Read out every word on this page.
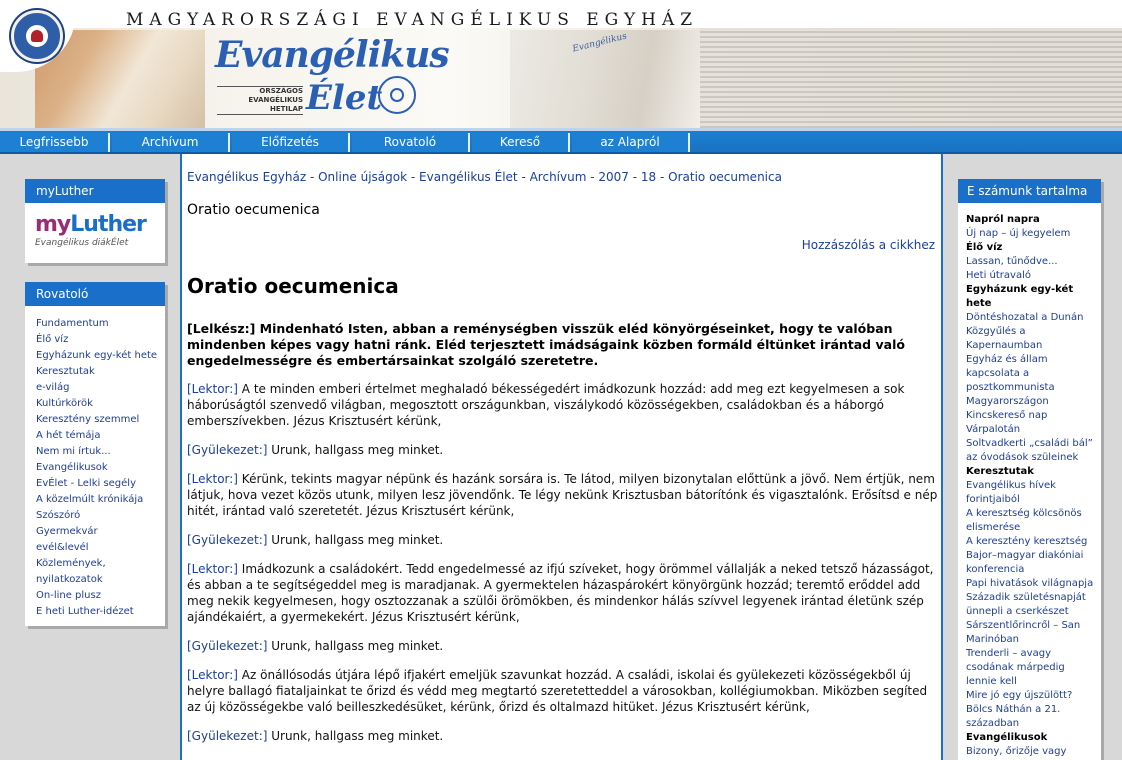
Evangélikus
MAGYARORSZÁGI EVANGÉLIKUS EGYHÁZ
Evangélikus
Élet
ORSZÁGOS
EVANGÉLIKUS
HETILAP
Legfrissebb	Archívum	Előfizetés	Rovatoló	Kereső	az Alapról
myLuther
myLuther
Evangélikus diákÉlet
Rovatoló
Fundamentum
Élő víz
Egyházunk egy-két hete
Keresztutak
e-világ
Kultúrkörök
Keresztény szemmel
A hét témája
Nem mi írtuk...
Evangélikusok
EvÉlet - Lelki segély
A közelmúlt krónikája
Szószóró
Gyermekvár
evél&levél
Közlemények, nyilatkozatok
On-line plusz
E heti Luther-idézet
Evangélikus Egyház - Online újságok - Evangélikus Élet - Archívum - 2007 - 18 - Oratio oecumenica
Oratio oecumenica
Hozzászólás a cikkhez
Oratio oecumenica
[Lelkész:] Mindenható Isten, abban a reménységben visszük eléd könyörgéseinket, hogy te valóban mindenben képes vagy hatni ránk. Eléd terjesztett imádságaink közben formáld éltünket irántad való engedelmességre és embertársainkat szolgáló szeretetre.

[Lektor:] A te minden emberi értelmet meghaladó békességedért imádkozunk hozzád: add meg ezt kegyelmesen a sok háborúságtól szenvedő világban, megosztott országunkban, viszálykodó közösségekben, családokban és a háborgó emberszívekben. Jézus Krisztusért kérünk,

[Gyülekezet:] Urunk, hallgass meg minket.

[Lektor:] Kérünk, tekints magyar népünk és hazánk sorsára is. Te látod, milyen bizonytalan előttünk a jövő. Nem értjük, nem látjuk, hova vezet közös utunk, milyen lesz jövendőnk. Te légy nekünk Krisztusban bátorítónk és vigasztalónk. Erősítsd e nép hitét, irántad való szeretetét. Jézus Krisztusért kérünk,

[Gyülekezet:] Urunk, hallgass meg minket.

[Lektor:] Imádkozunk a családokért. Tedd engedelmessé az ifjú szíveket, hogy örömmel vállalják a neked tetsző házasságot, és abban a te segítségeddel meg is maradjanak. A gyermektelen házaspárokért könyörgünk hozzád; teremtő erőddel add meg nekik kegyelmesen, hogy osztozzanak a szülői örömökben, és mindenkor hálás szívvel legyenek irántad életünk szép ajándékaiért, a gyermekekért. Jézus Krisztusért kérünk,

[Gyülekezet:] Urunk, hallgass meg minket.

[Lektor:] Az önállósodás útjára lépő ifjakért emeljük szavunkat hozzád. A családi, iskolai és gyülekezeti közösségekből új helyre ballagó fiataljainkat te őrizd és védd meg megtartó szeretetteddel a városokban, kollégiumokban. Miközben segíted az új közösségekbe való beilleszkedésüket, kérünk, őrizd és oltalmazd hitüket. Jézus Krisztusért kérünk,

[Gyülekezet:] Urunk, hallgass meg minket.

E számunk tartalma
Napról napra
Új nap – új kegyelem
Élő víz
Lassan, tűnődve...
Heti útravaló
Egyházunk egy-két hete
Döntéshozatal a Dunán
Közgyűlés a Kapernaumban
Egyház és állam kapcsolata a posztkommunista Magyarországon
Kincskereső nap Várpalotán
Soltvadkerti „családi bál” az óvodások szüleinek
Keresztutak
Evangélikus hívek forintjaiból
A keresztség kölcsönös elismerése
A keresztény keresztség
Bajor–magyar diakóniai konferencia
Papi hivatások világnapja
Századik születésnapját ünnepli a cserkészet
Sárszentlőrincről – San Marinóban
Trenderli – avagy csodának márpedig lennie kell
Mire jó egy újszülött?
Bölcs Náthán a 21. században
Evangélikusok
Bizony, őrizője vagy
